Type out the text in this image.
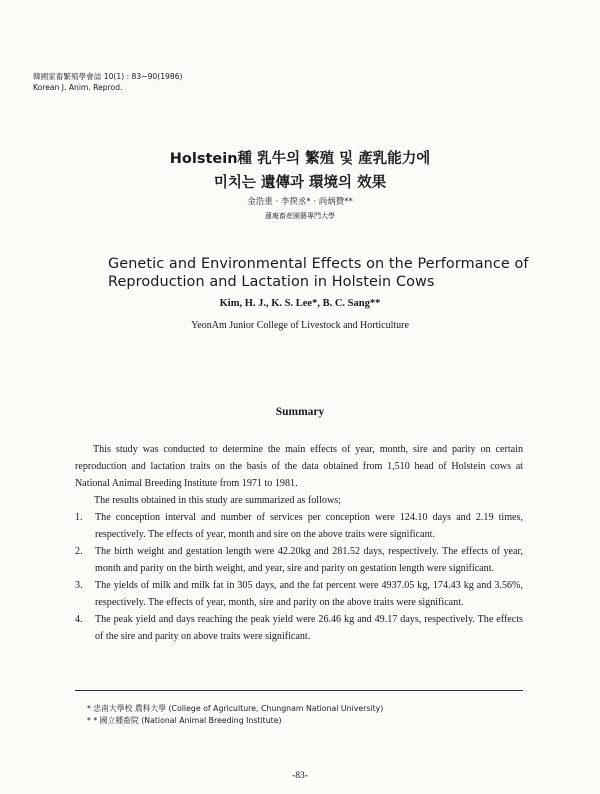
韓國家畜繁殖學會誌 10(1) : 83~90(1986)
Korean J. Anim. Reprod.
Holstein種 乳牛의 繁殖 및 產乳能力에
미치는 遺傳과 環境의 效果
金浩重 · 李揆丞* · 尚炳贊**
蓮庵畜産園藝專門大學
Genetic and Environmental Effects on the Performance of
Reproduction and Lactation in Holstein Cows
Kim, H. J., K. S. Lee*, B. C. Sang**
YeonAm Junior College of Livestock and Horticulture
Summary

This study was conducted to determine the main effects of year, month, sire and parity on certain reproduction and lactation traits on the basis of the data obtained from 1,510 head of Holstein cows at National Animal Breeding Institute from 1971 to 1981.

The results obtained in this study are summarized as follows;
1. The conception interval and number of services per conception were 124.10 days and 2.19 times, respectively. The effects of year, month and sire on the above traits were significant.
2. The birth weight and gestation length were 42.20kg and 281.52 days, respectively. The effects of year, month and parity on the birth weight, and year, sire and parity on gestation length were significant.
3. The yields of milk and milk fat in 305 days, and the fat percent were 4937.05 kg, 174.43 kg and 3.56%, respectively. The effects of year, month, sire and parity on the above traits were significant.
4. The peak yield and days reaching the peak yield were 26.46 kg and 49.17 days, respectively. The effects of the sire and parity on above traits were significant.
* 忠南大學校 農科大學 (College of Agriculture, Chungnam National University)
* * 國立種畜院 (National Animal Breeding Institute)
-83-
